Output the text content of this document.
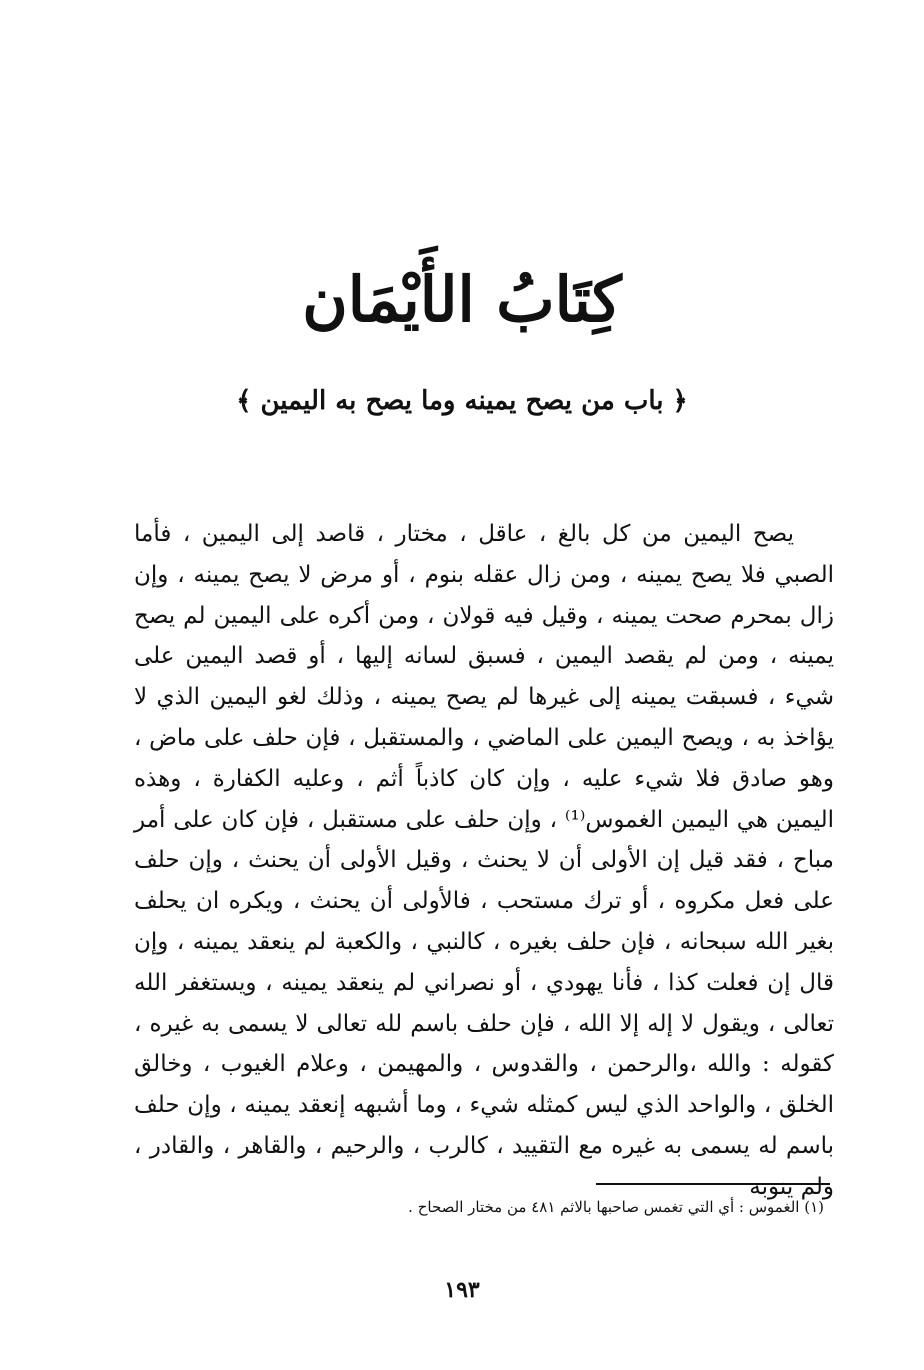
كِتَابُ الأَيْمَان
﴿ باب من يصح يمينه وما يصح به اليمين ﴾

يصح اليمين من كل بالغ ، عاقل ، مختار ، قاصد إلى اليمين ، فأما الصبي فلا يصح يمينه ، ومن زال عقله بنوم ، أو مرض لا يصح يمينه ، وإن زال بمحرم صحت يمينه ، وقيل فيه قولان ، ومن أكره على اليمين لم يصح يمينه ، ومن لم يقصد اليمين ، فسبق لسانه إليها ، أو قصد اليمين على شيء ، فسبقت يمينه إلى غيرها لم يصح يمينه ، وذلك لغو اليمين الذي لا يؤاخذ به ، ويصح اليمين على الماضي ، والمستقبل ، فإن حلف على ماض ، وهو صادق فلا شيء عليه ، وإن كان كاذباً أثم ، وعليه الكفارة ، وهذه اليمين هي اليمين الغموس⁽¹⁾ ، وإن حلف على مستقبل ، فإن كان على أمر مباح ، فقد قيل إن الأولى أن لا يحنث ، وقيل الأولى أن يحنث ، وإن حلف على فعل مكروه ، أو ترك مستحب ، فالأولى أن يحنث ، ويكره ان يحلف بغير الله سبحانه ، فإن حلف بغيره ، كالنبي ، والكعبة لم ينعقد يمينه ، وإن قال إن فعلت كذا ، فأنا يهودي ، أو نصراني لم ينعقد يمينه ، ويستغفر الله تعالى ، ويقول لا إله إلا الله ، فإن حلف باسم لله تعالى لا يسمى به غيره ، كقوله : والله ،والرحمن ، والقدوس ، والمهيمن ، وعلام الغيوب ، وخالق الخلق ، والواحد الذي ليس كمثله شيء ، وما أشبهه إنعقد يمينه ، وإن حلف باسم له يسمى به غيره مع التقييد ، كالرب ، والرحيم ، والقاهر ، والقادر ، ولم ينوبه

(١) الغموس : أي التي تغمس صاحبها بالاثم ٤٨١ من مختار الصحاح .
١٩٣
